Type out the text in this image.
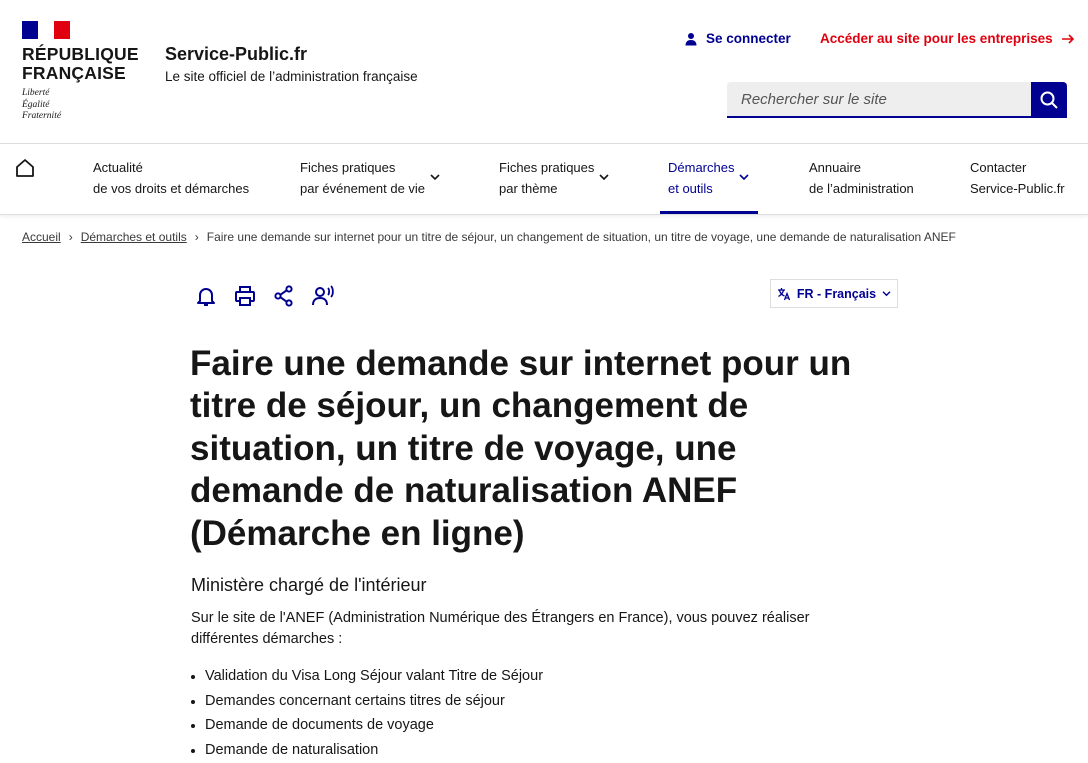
RÉPUBLIQUE
FRANÇAISE
Liberté
Égalité
Fraternité
Service-Public.fr
Le site officiel de l’administration française
Se connecter Accéder au site pour les entreprises
Rechercher sur le site
Actualité
de vos droits et démarches
Fiches pratiques
par événement de vie
Fiches pratiques
par thème
Démarches
et outils
Annuaire
de l’administration
Contacter
Service-Public.fr
Accueil › Démarches et outils › Faire une demande sur internet pour un titre de séjour, un changement de situation, un titre de voyage, une demande de naturalisation ANEF
FR - Français
Faire une demande sur internet pour un titre de séjour, un changement de situation, un titre de voyage, une demande de naturalisation ANEF (Démarche en ligne)
Ministère chargé de l'intérieur

Sur le site de l'ANEF (Administration Numérique des Étrangers en France), vous pouvez réaliser différentes démarches :

Validation du Visa Long Séjour valant Titre de Séjour
Demandes concernant certains titres de séjour
Demande de documents de voyage
Demande de naturalisation
